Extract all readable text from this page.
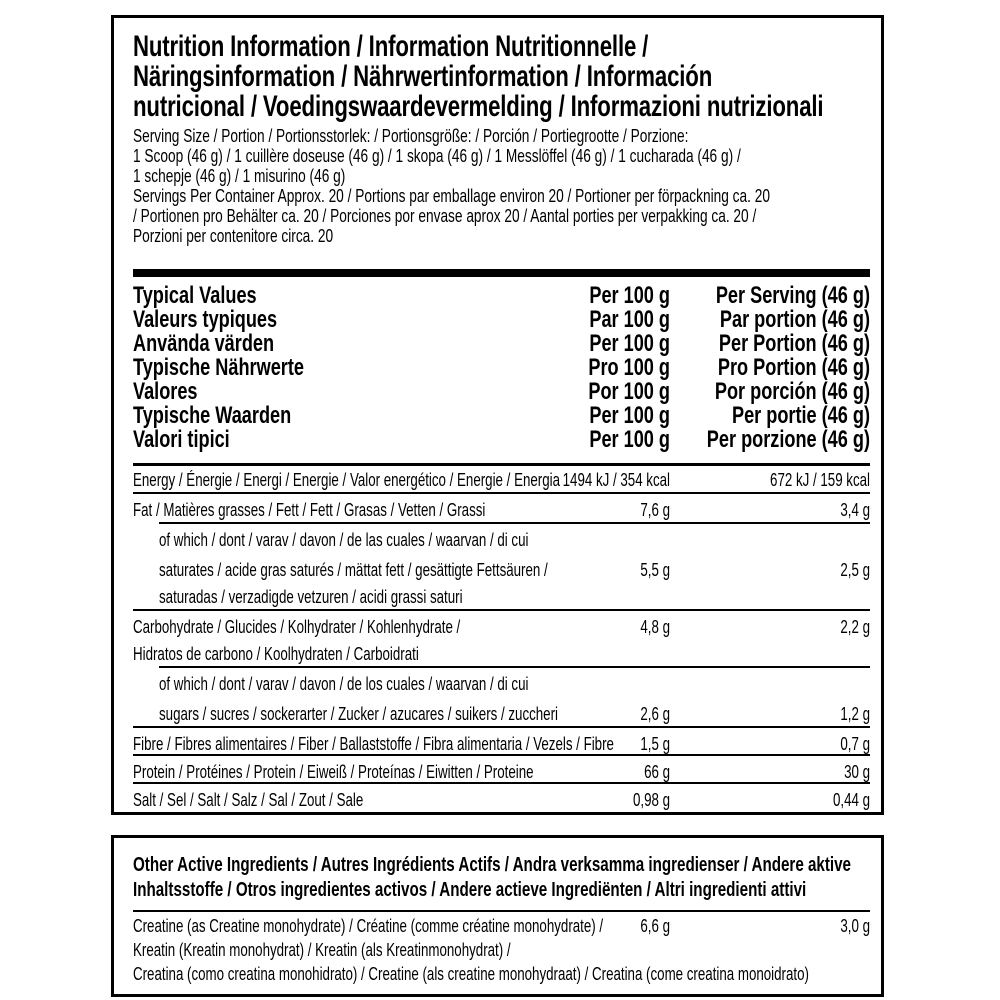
Nutrition Information / Information Nutritionnelle /
Näringsinformation / Nährwertinformation / Información
nutricional / Voedingswaardevermelding / Informazioni nutrizionali
Serving Size / Portion / Portionsstorlek: / Portionsgröße: / Porción / Portiegrootte / Porzione:
1 Scoop (46 g) / 1 cuillère doseuse (46 g) / 1 skopa (46 g) / 1 Messlöffel (46 g) / 1 cucharada (46 g) /
1 schepje (46 g) / 1 misurino (46 g)
Servings Per Container Approx. 20 / Portions par emballage environ 20 / Portioner per förpackning ca. 20
/ Portionen pro Behälter ca. 20 / Porciones por envase aprox 20 / Aantal porties per verpakking ca. 20 /
Porzioni per contenitore circa. 20
Typical Values	Per 100 g	Per Serving (46 g)
Valeurs typiques	Par 100 g	Par portion (46 g)
Använda värden	Per 100 g	Per Portion (46 g)
Typische Nährwerte	Pro 100 g	Pro Portion (46 g)
Valores	Por 100 g	Por porción (46 g)
Typische Waarden	Per 100 g	Per portie (46 g)
Valori tipici	Per 100 g	Per porzione (46 g)
Energy / Énergie / Energi / Energie / Valor energético / Energie / Energia 1494 kJ / 354 kcal	672 kJ / 159 kcal
Fat / Matières grasses / Fett / Fett / Grasas / Vetten / Grassi	7,6 g	3,4 g
of which / dont / varav / davon / de las cuales / waarvan / di cui
saturates / acide gras saturés / mättat fett / gesättigte Fettsäuren /	5,5 g	2,5 g
saturadas / verzadigde vetzuren / acidi grassi saturi
Carbohydrate / Glucides / Kolhydrater / Kohlenhydrate /	4,8 g	2,2 g
Hidratos de carbono / Koolhydraten / Carboidrati
of which / dont / varav / davon / de los cuales / waarvan / di cui
sugars / sucres / sockerarter / Zucker / azucares / suikers / zuccheri	2,6 g	1,2 g
Fibre / Fibres alimentaires / Fiber / Ballaststoffe / Fibra alimentaria / Vezels / Fibre	1,5 g	0,7 g
Protein / Protéines / Protein / Eiweiß / Proteínas / Eiwitten / Proteine	66 g	30 g
Salt / Sel / Salt / Salz / Sal / Zout / Sale	0,98 g	0,44 g
Other Active Ingredients / Autres Ingrédients Actifs / Andra verksamma ingredienser / Andere aktive
Inhaltsstoffe / Otros ingredientes activos / Andere actieve Ingrediënten / Altri ingredienti attivi
Creatine (as Creatine monohydrate) / Créatine (comme créatine monohydrate) /
Kreatin (Kreatin monohydrat) / Kreatin (als Kreatinmonohydrat) /
Creatina (como creatina monohidrato) / Creatine (als creatine monohydraat) / Creatina (come creatina monoidrato)
6,6 g	3,0 g
